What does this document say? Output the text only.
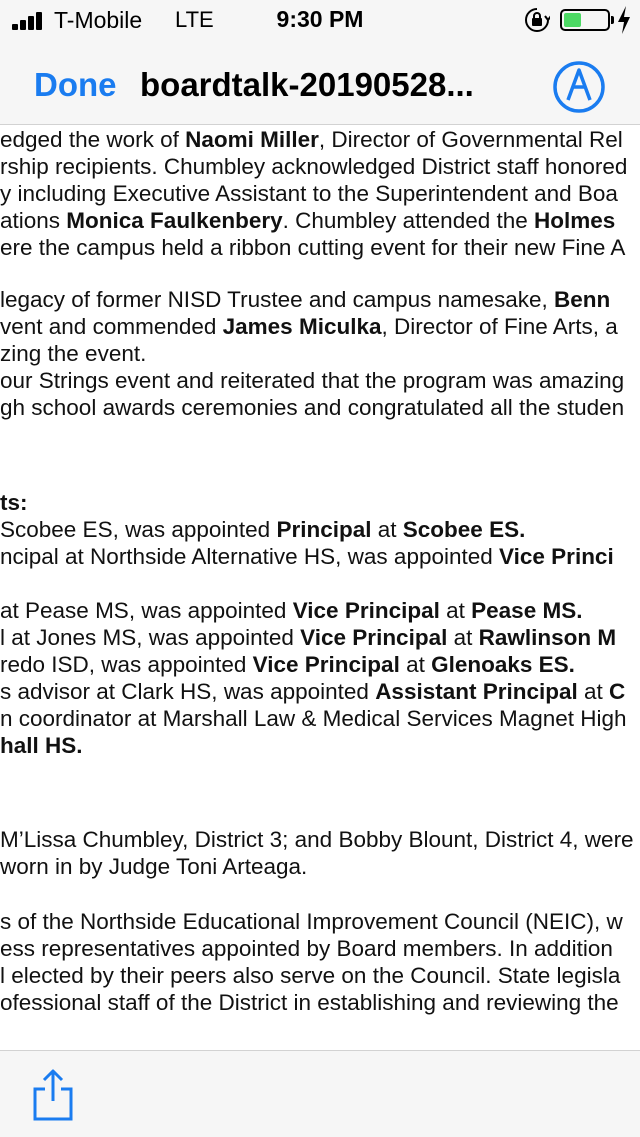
T-Mobile LTE	9:30 PM
Done boardtalk-20190528...
edged the work of Naomi Miller, Director of Governmental Rel
rship recipients. Chumbley acknowledged District staff honored
y including Executive Assistant to the Superintendent and Boa
ations Monica Faulkenbery. Chumbley attended the Holmes
ere the campus held a ribbon cutting event for their new Fine A
legacy of former NISD Trustee and campus namesake, Benn
vent and commended James Miculka, Director of Fine Arts, a
zing the event.
our Strings event and reiterated that the program was amazing
gh school awards ceremonies and congratulated all the studen
ts:
Scobee ES, was appointed Principal at Scobee ES.
ncipal at Northside Alternative HS, was appointed Vice Princi
at Pease MS, was appointed Vice Principal at Pease MS.
l at Jones MS, was appointed Vice Principal at Rawlinson M
redo ISD, was appointed Vice Principal at Glenoaks ES.
s advisor at Clark HS, was appointed Assistant Principal at C
n coordinator at Marshall Law & Medical Services Magnet High
hall HS.
M’Lissa Chumbley, District 3; and Bobby Blount, District 4, were
worn in by Judge Toni Arteaga.
s of the Northside Educational Improvement Council (NEIC), w
ess representatives appointed by Board members. In addition
l elected by their peers also serve on the Council. State legisla
ofessional staff of the District in establishing and reviewing the
